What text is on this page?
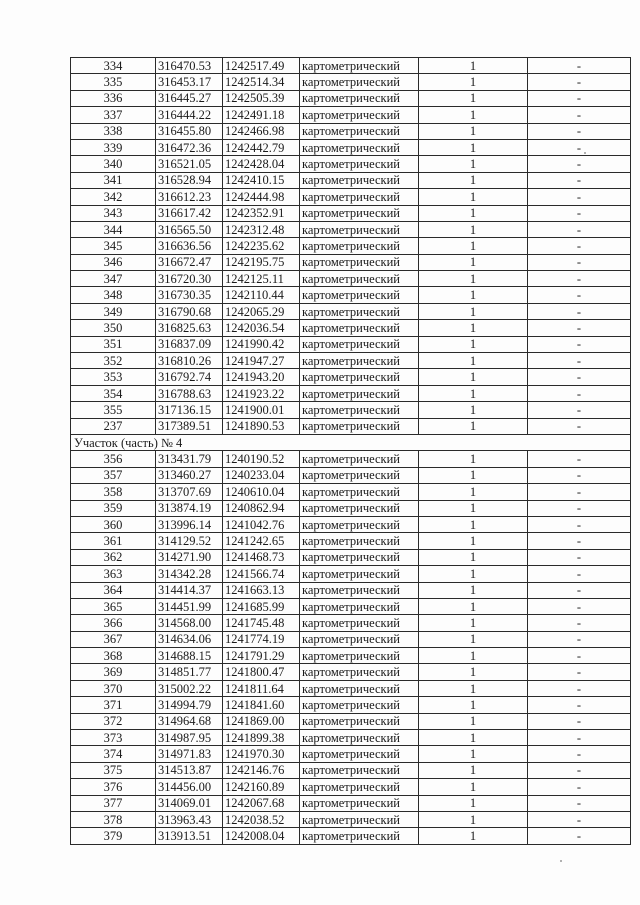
334	316470.53	1242517.49	картометрический	1	-
335	316453.17	1242514.34	картометрический	1	-
336	316445.27	1242505.39	картометрический	1	-
337	316444.22	1242491.18	картометрический	1	-
338	316455.80	1242466.98	картометрический	1	-
339	316472.36	1242442.79	картометрический	1	-
340	316521.05	1242428.04	картометрический	1	-
341	316528.94	1242410.15	картометрический	1	-
342	316612.23	1242444.98	картометрический	1	-
343	316617.42	1242352.91	картометрический	1	-
344	316565.50	1242312.48	картометрический	1	-
345	316636.56	1242235.62	картометрический	1	-
346	316672.47	1242195.75	картометрический	1	-
347	316720.30	1242125.11	картометрический	1	-
348	316730.35	1242110.44	картометрический	1	-
349	316790.68	1242065.29	картометрический	1	-
350	316825.63	1242036.54	картометрический	1	-
351	316837.09	1241990.42	картометрический	1	-
352	316810.26	1241947.27	картометрический	1	-
353	316792.74	1241943.20	картометрический	1	-
354	316788.63	1241923.22	картометрический	1	-
355	317136.15	1241900.01	картометрический	1	-
237	317389.51	1241890.53	картометрический	1	-
Участок (часть) № 4					
356	313431.79	1240190.52	картометрический	1	-
357	313460.27	1240233.04	картометрический	1	-
358	313707.69	1240610.04	картометрический	1	-
359	313874.19	1240862.94	картометрический	1	-
360	313996.14	1241042.76	картометрический	1	-
361	314129.52	1241242.65	картометрический	1	-
362	314271.90	1241468.73	картометрический	1	-
363	314342.28	1241566.74	картометрический	1	-
364	314414.37	1241663.13	картометрический	1	-
365	314451.99	1241685.99	картометрический	1	-
366	314568.00	1241745.48	картометрический	1	-
367	314634.06	1241774.19	картометрический	1	-
368	314688.15	1241791.29	картометрический	1	-
369	314851.77	1241800.47	картометрический	1	-
370	315002.22	1241811.64	картометрический	1	-
371	314994.79	1241841.60	картометрический	1	-
372	314964.68	1241869.00	картометрический	1	-
373	314987.95	1241899.38	картометрический	1	-
374	314971.83	1241970.30	картометрический	1	-
375	314513.87	1242146.76	картометрический	1	-
376	314456.00	1242160.89	картометрический	1	-
377	314069.01	1242067.68	картометрический	1	-
378	313963.43	1242038.52	картометрический	1	-
379	313913.51	1242008.04	картометрический	1	-
